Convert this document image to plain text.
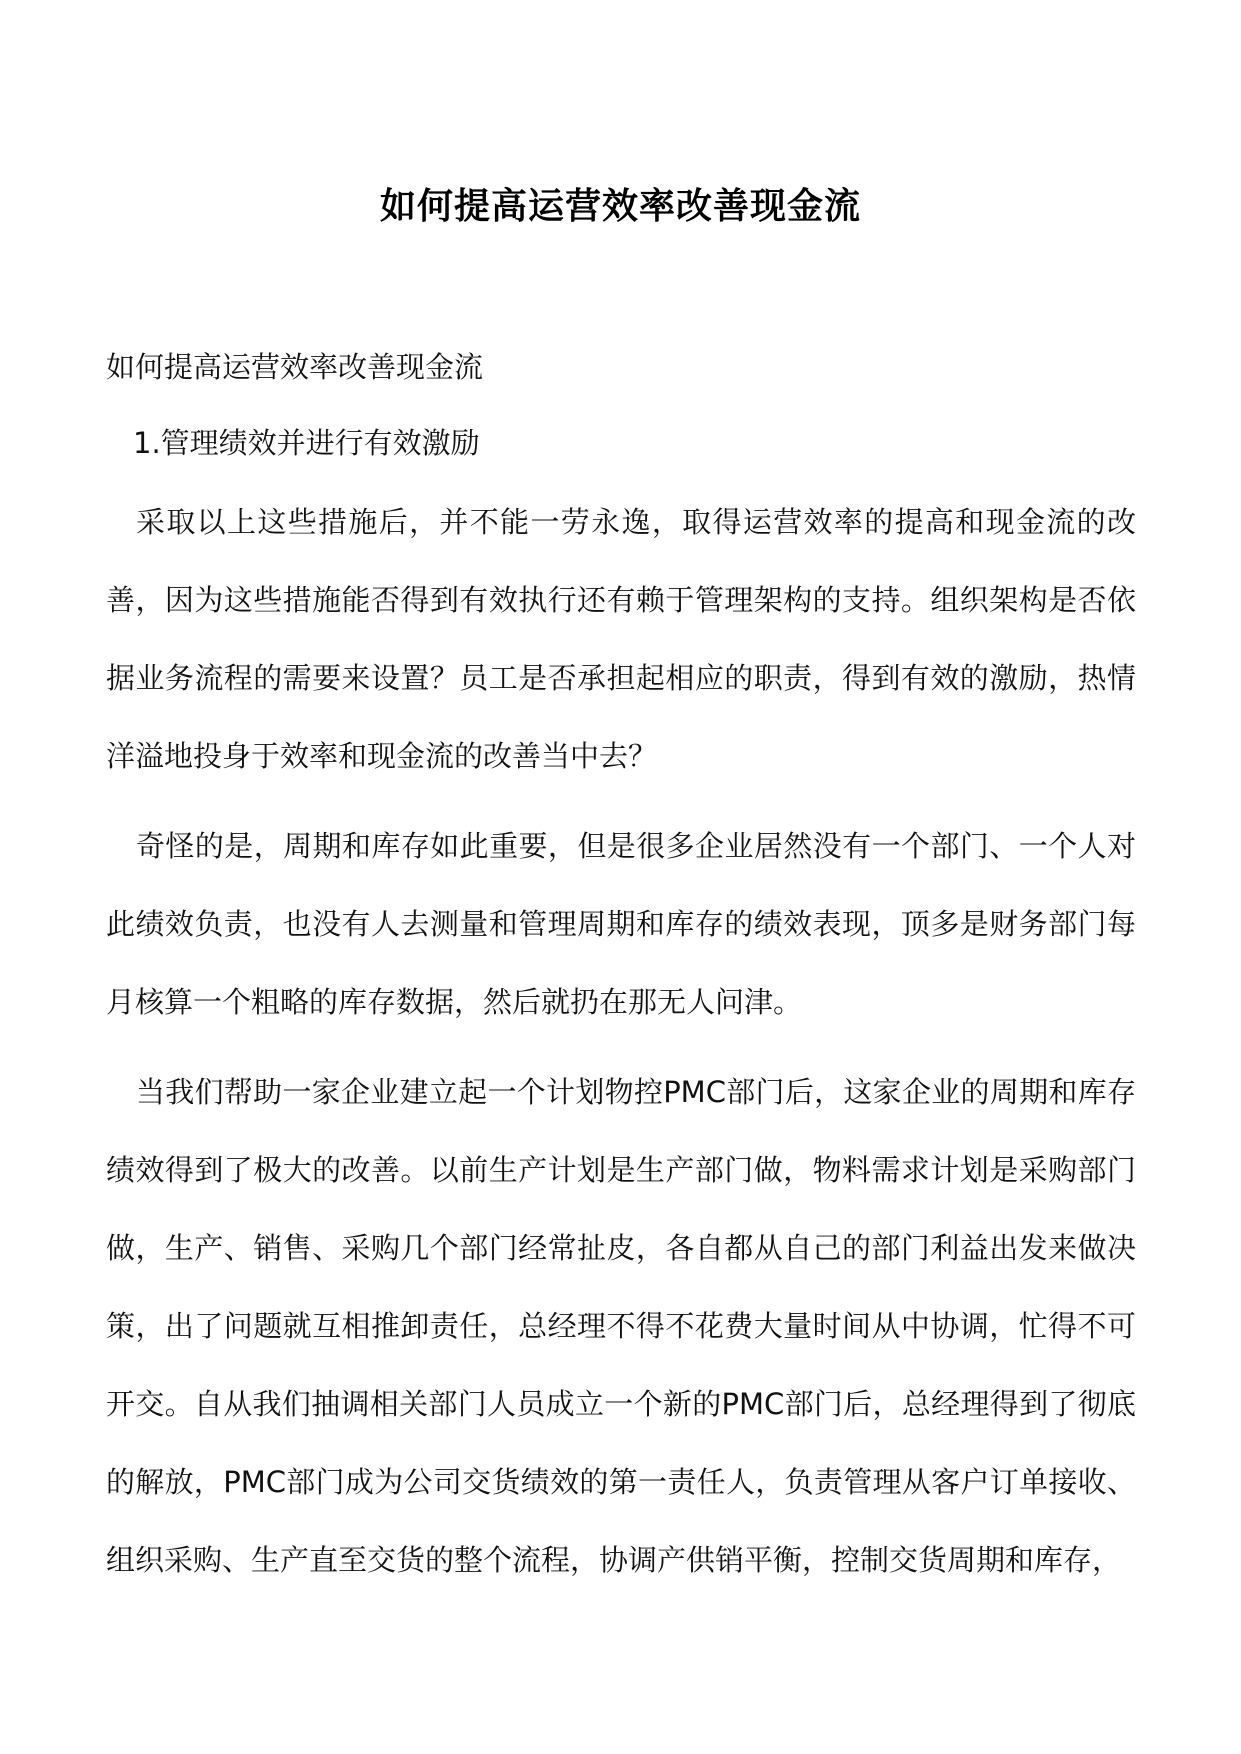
如何提高运营效率改善现金流

如何提高运营效率改善现金流

1.管理绩效并进行有效激励

采取以上这些措施后，并不能一劳永逸，取得运营效率的提高和现金流的改善，因为这些措施能否得到有效执行还有赖于管理架构的支持。组织架构是否依据业务流程的需要来设置？员工是否承担起相应的职责，得到有效的激励，热情洋溢地投身于效率和现金流的改善当中去？

奇怪的是，周期和库存如此重要，但是很多企业居然没有一个部门、一个人对此绩效负责，也没有人去测量和管理周期和库存的绩效表现，顶多是财务部门每月核算一个粗略的库存数据，然后就扔在那无人问津。

当我们帮助一家企业建立起一个计划物控PMC部门后，这家企业的周期和库存绩效得到了极大的改善。以前生产计划是生产部门做，物料需求计划是采购部门做，生产、销售、采购几个部门经常扯皮，各自都从自己的部门利益出发来做决策，出了问题就互相推卸责任，总经理不得不花费大量时间从中协调，忙得不可开交。自从我们抽调相关部门人员成立一个新的PMC部门后，总经理得到了彻底的解放，PMC部门成为公司交货绩效的第一责任人，负责管理从客户订单接收、组织采购、生产直至交货的整个流程，协调产供销平衡，控制交货周期和库存，
